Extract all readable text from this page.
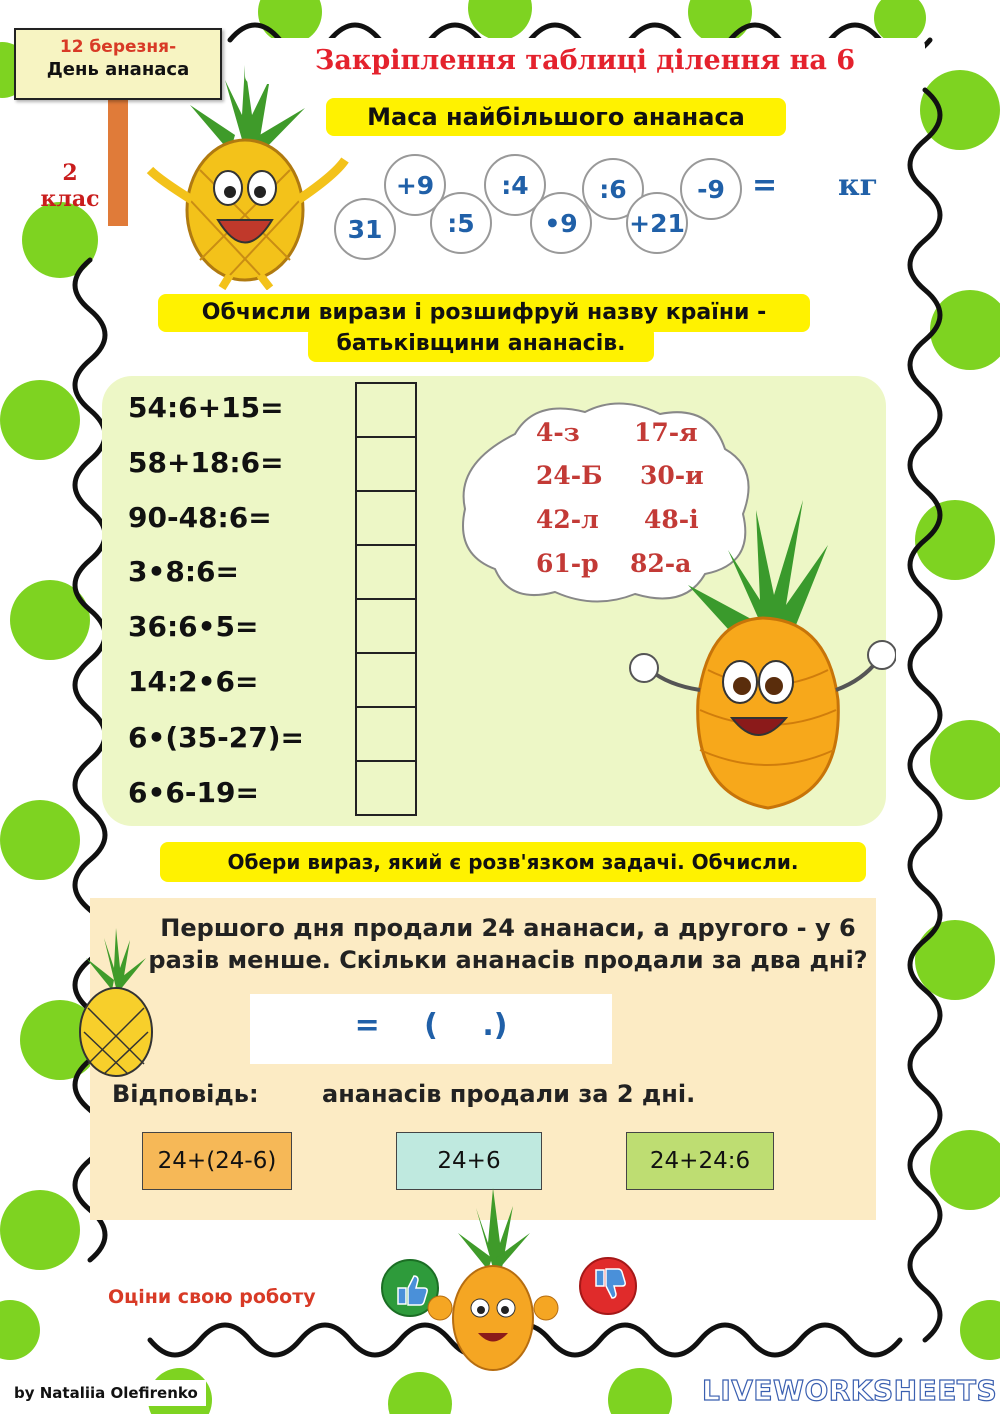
12 березня-
День ананаса
2
клас
Закріплення таблиці ділення на 6
Маса найбільшого ананаса
31
+9
:5
:4
•9
:6
+21
-9 = кг
Обчисли вирази і розшифруй назву країни -
батьківщини ананасів.
54:6+15=
58+18:6=
90-48:6=
3•8:6=
36:6•5=
14:2•6=
6•(35-27)=
6•6-19=
4-з 17-я
24-Б 30-и
42-л 48-і
61-р 82-а
Обери вираз, який є розв'язком задачі. Обчисли.
Першого дня продали 24 ананаси, а другого - у 6
разів менше. Скільки ананасів продали за два дні?
= ( .)
Відповідь:	ананасів продали за 2 дні.
24+(24-6)	24+6	24+24:6
Оціни свою роботу
by Nataliia Olefirenko	LIVEWORKSHEETS
